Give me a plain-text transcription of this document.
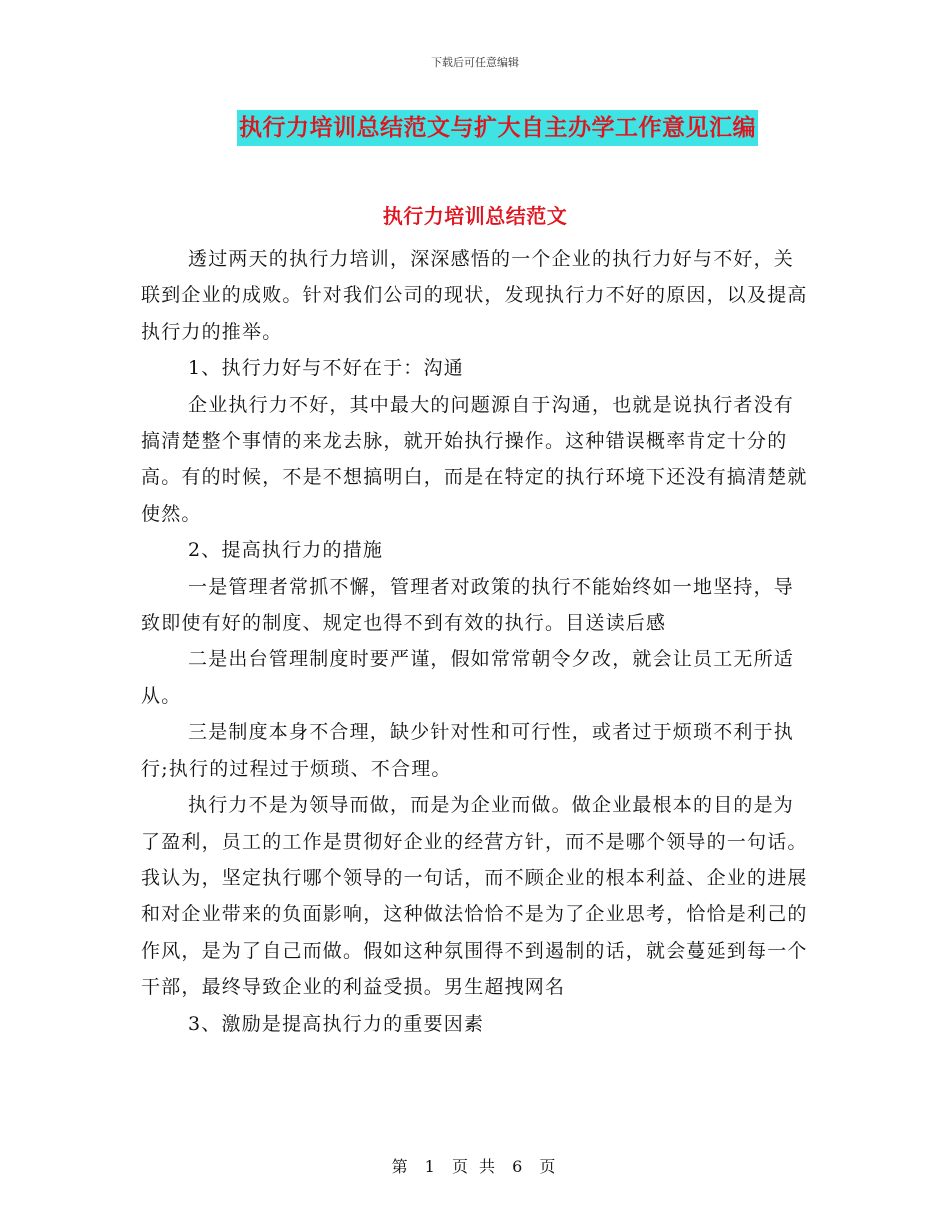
下载后可任意编辑
执行力培训总结范文与扩大自主办学工作意见汇编
执行力培训总结范文

透过两天的执行力培训，深深感悟的一个企业的执行力好与不好，关联到企业的成败。针对我们公司的现状，发现执行力不好的原因，以及提高执行力的推举。

1、执行力好与不好在于：沟通

企业执行力不好，其中最大的问题源自于沟通，也就是说执行者没有搞清楚整个事情的来龙去脉，就开始执行操作。这种错误概率肯定十分的高。有的时候，不是不想搞明白，而是在特定的执行环境下还没有搞清楚就使然。

2、提高执行力的措施

一是管理者常抓不懈，管理者对政策的执行不能始终如一地坚持，导致即使有好的制度、规定也得不到有效的执行。目送读后感

二是出台管理制度时要严谨，假如常常朝令夕改，就会让员工无所适从。

三是制度本身不合理，缺少针对性和可行性，或者过于烦琐不利于执行;执行的过程过于烦琐、不合理。

执行力不是为领导而做，而是为企业而做。做企业最根本的目的是为了盈利，员工的工作是贯彻好企业的经营方针，而不是哪个领导的一句话。我认为，坚定执行哪个领导的一句话，而不顾企业的根本利益、企业的进展和对企业带来的负面影响，这种做法恰恰不是为了企业思考，恰恰是利己的作风，是为了自己而做。假如这种氛围得不到遏制的话，就会蔓延到每一个干部，最终导致企业的利益受损。男生超拽网名

3、激励是提高执行力的重要因素

第 1 页 共 6 页
